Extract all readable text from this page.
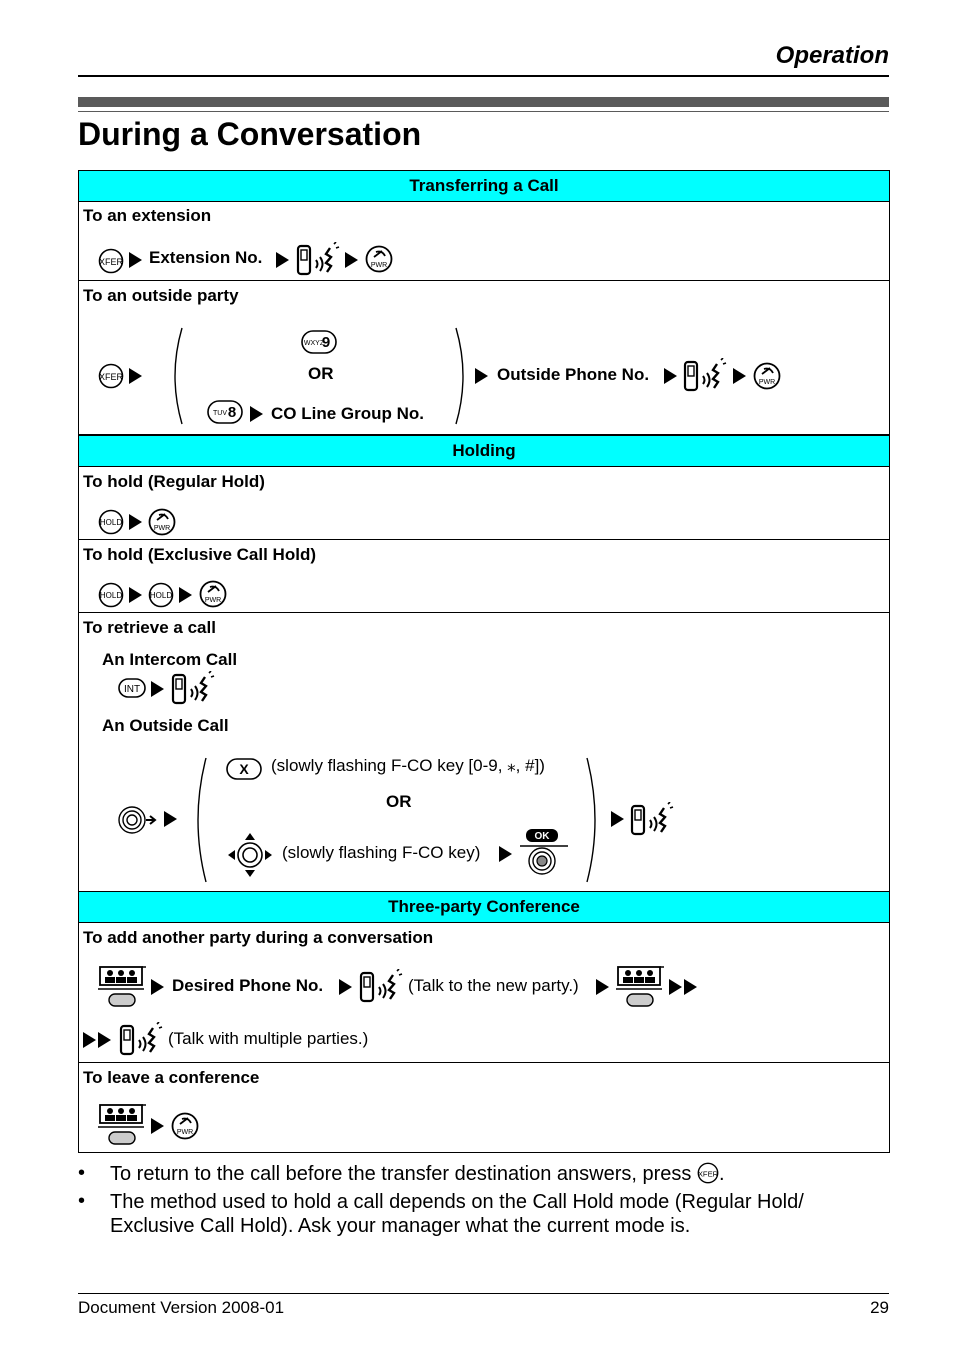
Operation
During a Conversation
Transferring a Call
To an extension
XFER Extension No.
To an outside party
XFER
WXYZ
9
OR
TUV 8 CO Line Group No.
Outside Phone No.
Holding
To hold (Regular Hold)
HOLD
To hold (Exclusive Call Hold)
HOLD	HOLD
To retrieve a call
An Intercom Call
INT
An Outside Call
X (slowly flashing F-CO key [0-9, ⁎, #])
OR
(slowly flashing F-CO key)
OK
Three-party Conference
To add another party during a conversation
Desired Phone No.	(Talk to the new party.)
(Talk with multiple parties.)
To leave a conference
• To return to the call before the transfer destination answers, press XFER .
• The method used to hold a call depends on the Call Hold mode (Regular Hold/ Exclusive Call Hold). Ask your manager what the current mode is.
Document Version 2008-01	29
